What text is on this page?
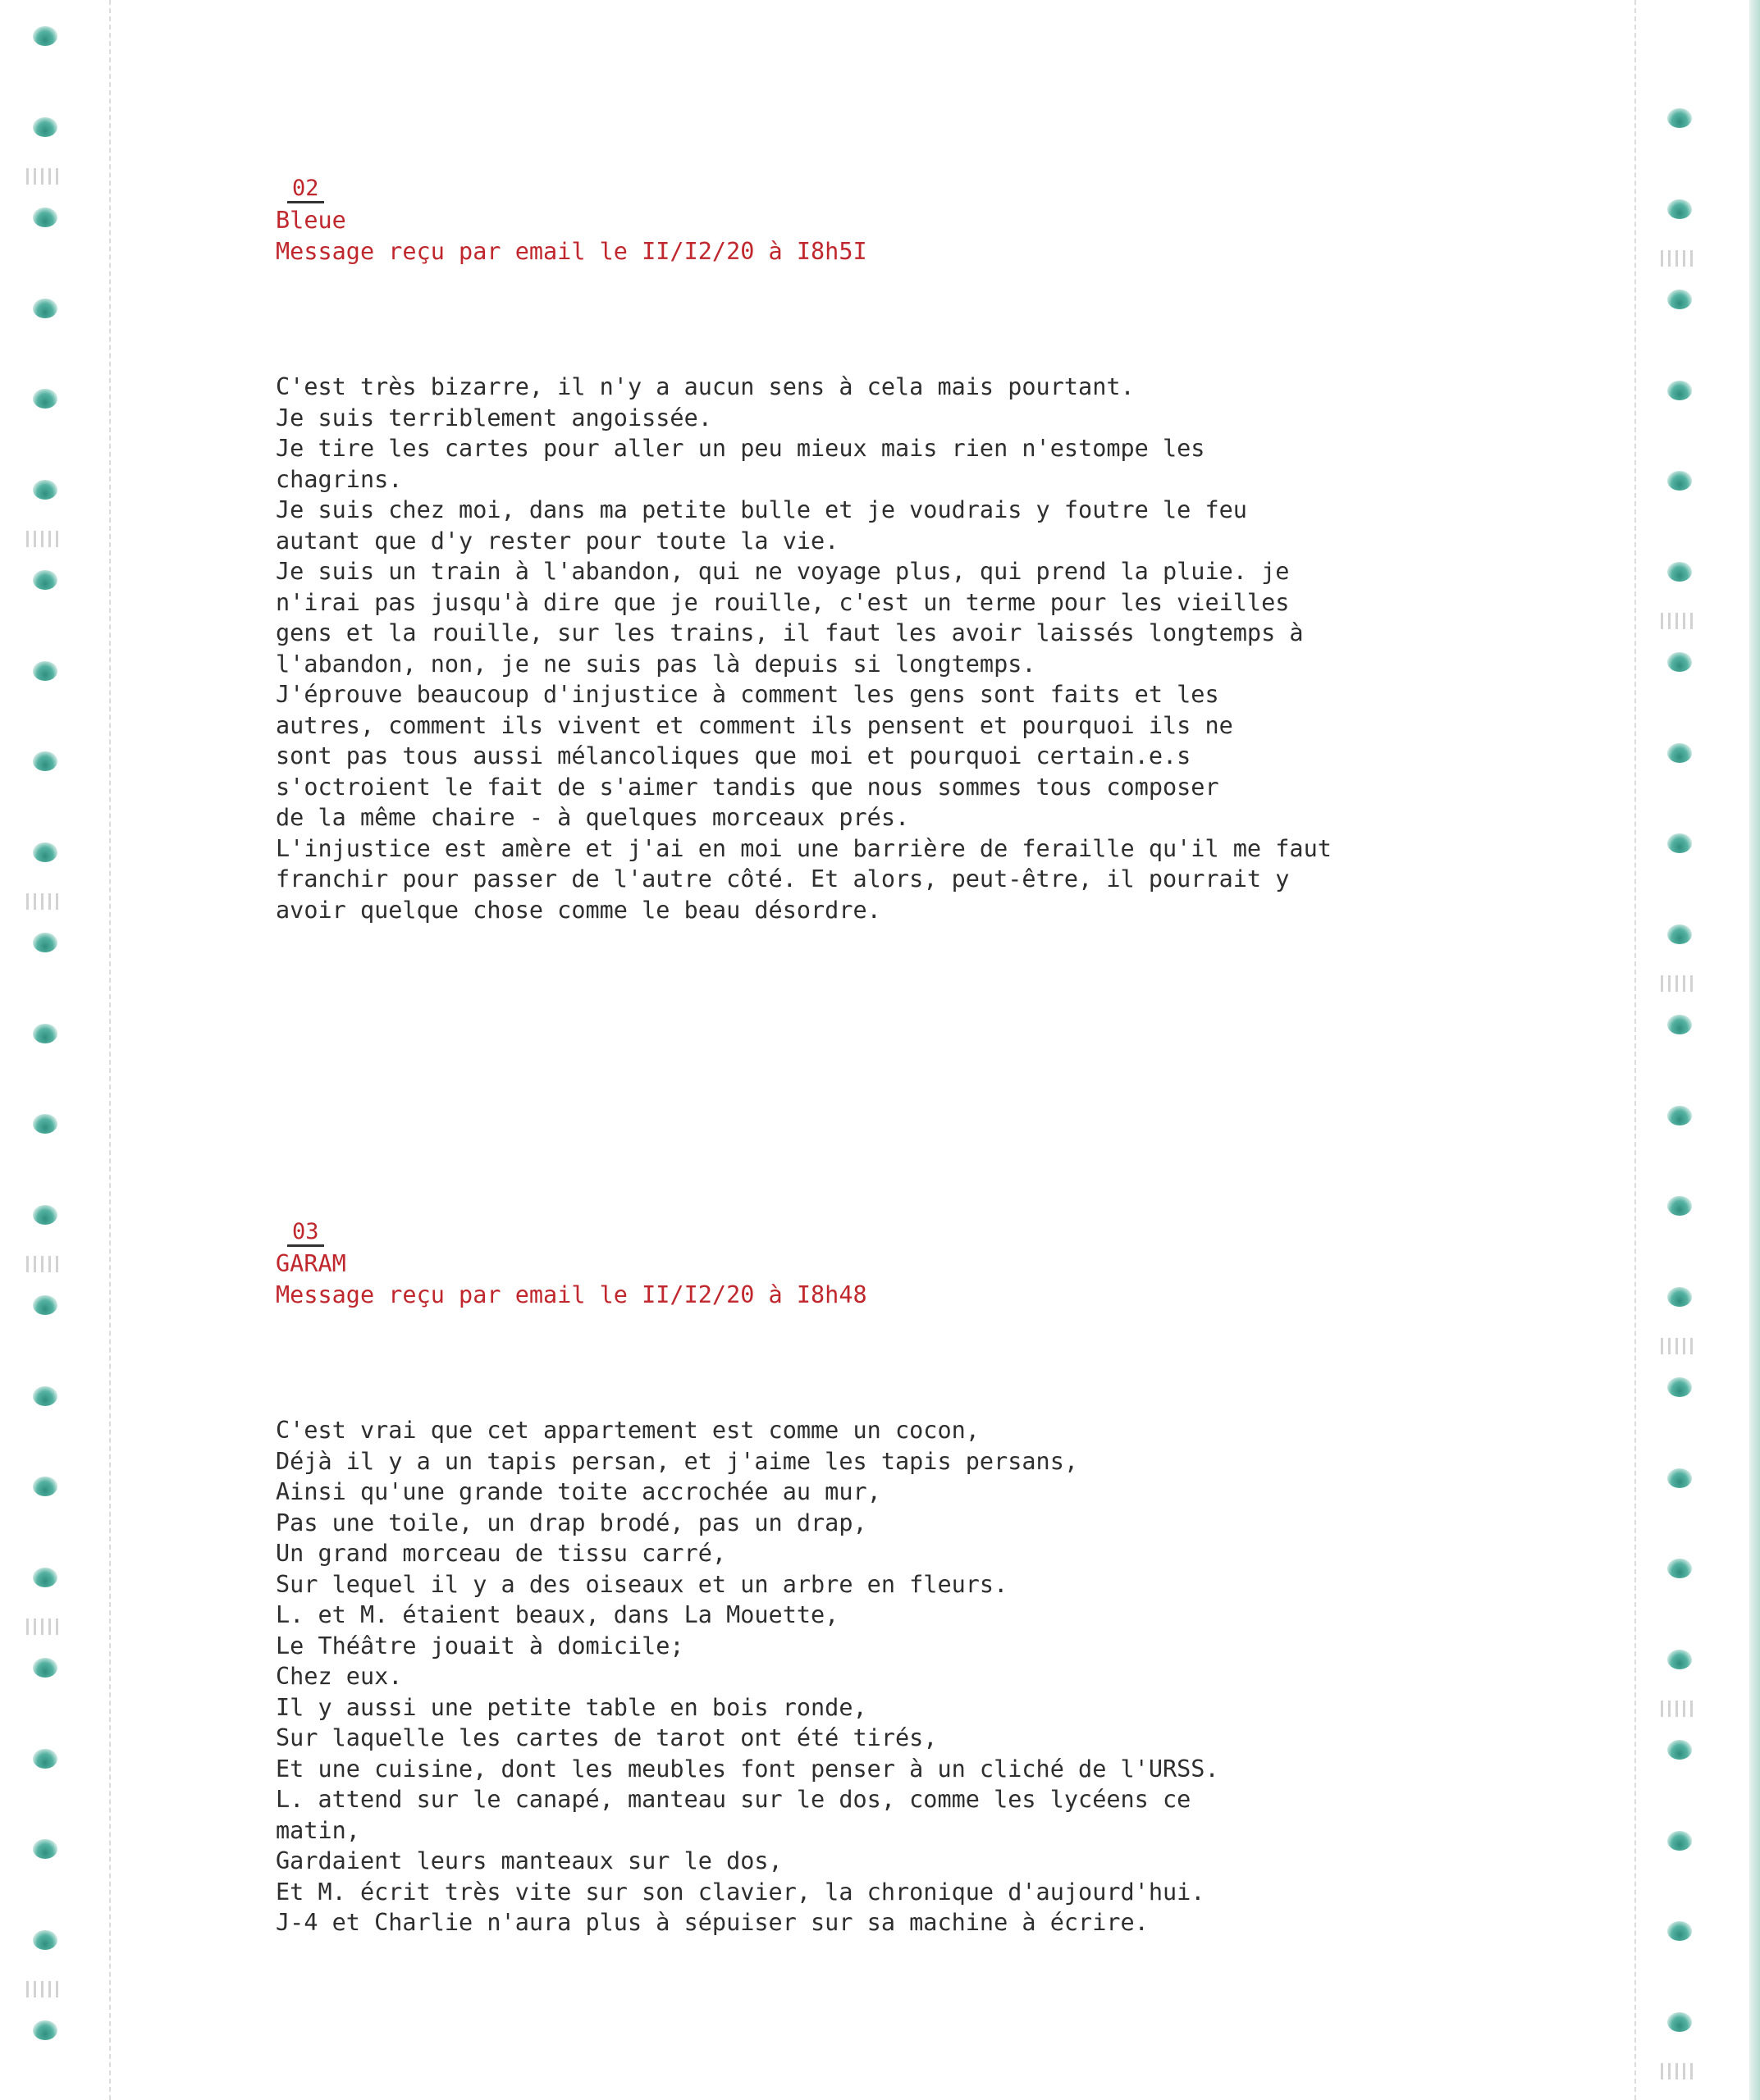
02
Bleue
Message reçu par email le II/I2/20 à I8h5I
C'est très bizarre, il n'y a aucun sens à cela mais pourtant.
Je suis terriblement angoissée.
Je tire les cartes pour aller un peu mieux mais rien n'estompe les
chagrins.
Je suis chez moi, dans ma petite bulle et je voudrais y foutre le feu
autant que d'y rester pour toute la vie.
Je suis un train à l'abandon, qui ne voyage plus, qui prend la pluie. je
n'irai pas jusqu'à dire que je rouille, c'est un terme pour les vieilles
gens et la rouille, sur les trains, il faut les avoir laissés longtemps à
l'abandon, non, je ne suis pas là depuis si longtemps.
J'éprouve beaucoup d'injustice à comment les gens sont faits et les
autres, comment ils vivent et comment ils pensent et pourquoi ils ne
sont pas tous aussi mélancoliques que moi et pourquoi certain.e.s
s'octroient le fait de s'aimer tandis que nous sommes tous composer
de la même chaire - à quelques morceaux prés.
L'injustice est amère et j'ai en moi une barrière de feraille qu'il me faut
franchir pour passer de l'autre côté. Et alors, peut-être, il pourrait y
avoir quelque chose comme le beau désordre.
03
GARAM
Message reçu par email le II/I2/20 à I8h48
C'est vrai que cet appartement est comme un cocon,
Déjà il y a un tapis persan, et j'aime les tapis persans,
Ainsi qu'une grande toite accrochée au mur,
Pas une toile, un drap brodé, pas un drap,
Un grand morceau de tissu carré,
Sur lequel il y a des oiseaux et un arbre en fleurs.
L. et M. étaient beaux, dans La Mouette,
Le Théâtre jouait à domicile;
Chez eux.
Il y aussi une petite table en bois ronde,
Sur laquelle les cartes de tarot ont été tirés,
Et une cuisine, dont les meubles font penser à un cliché de l'URSS.
L. attend sur le canapé, manteau sur le dos, comme les lycéens ce
matin,
Gardaient leurs manteaux sur le dos,
Et M. écrit très vite sur son clavier, la chronique d'aujourd'hui.
J-4 et Charlie n'aura plus à sépuiser sur sa machine à écrire.
